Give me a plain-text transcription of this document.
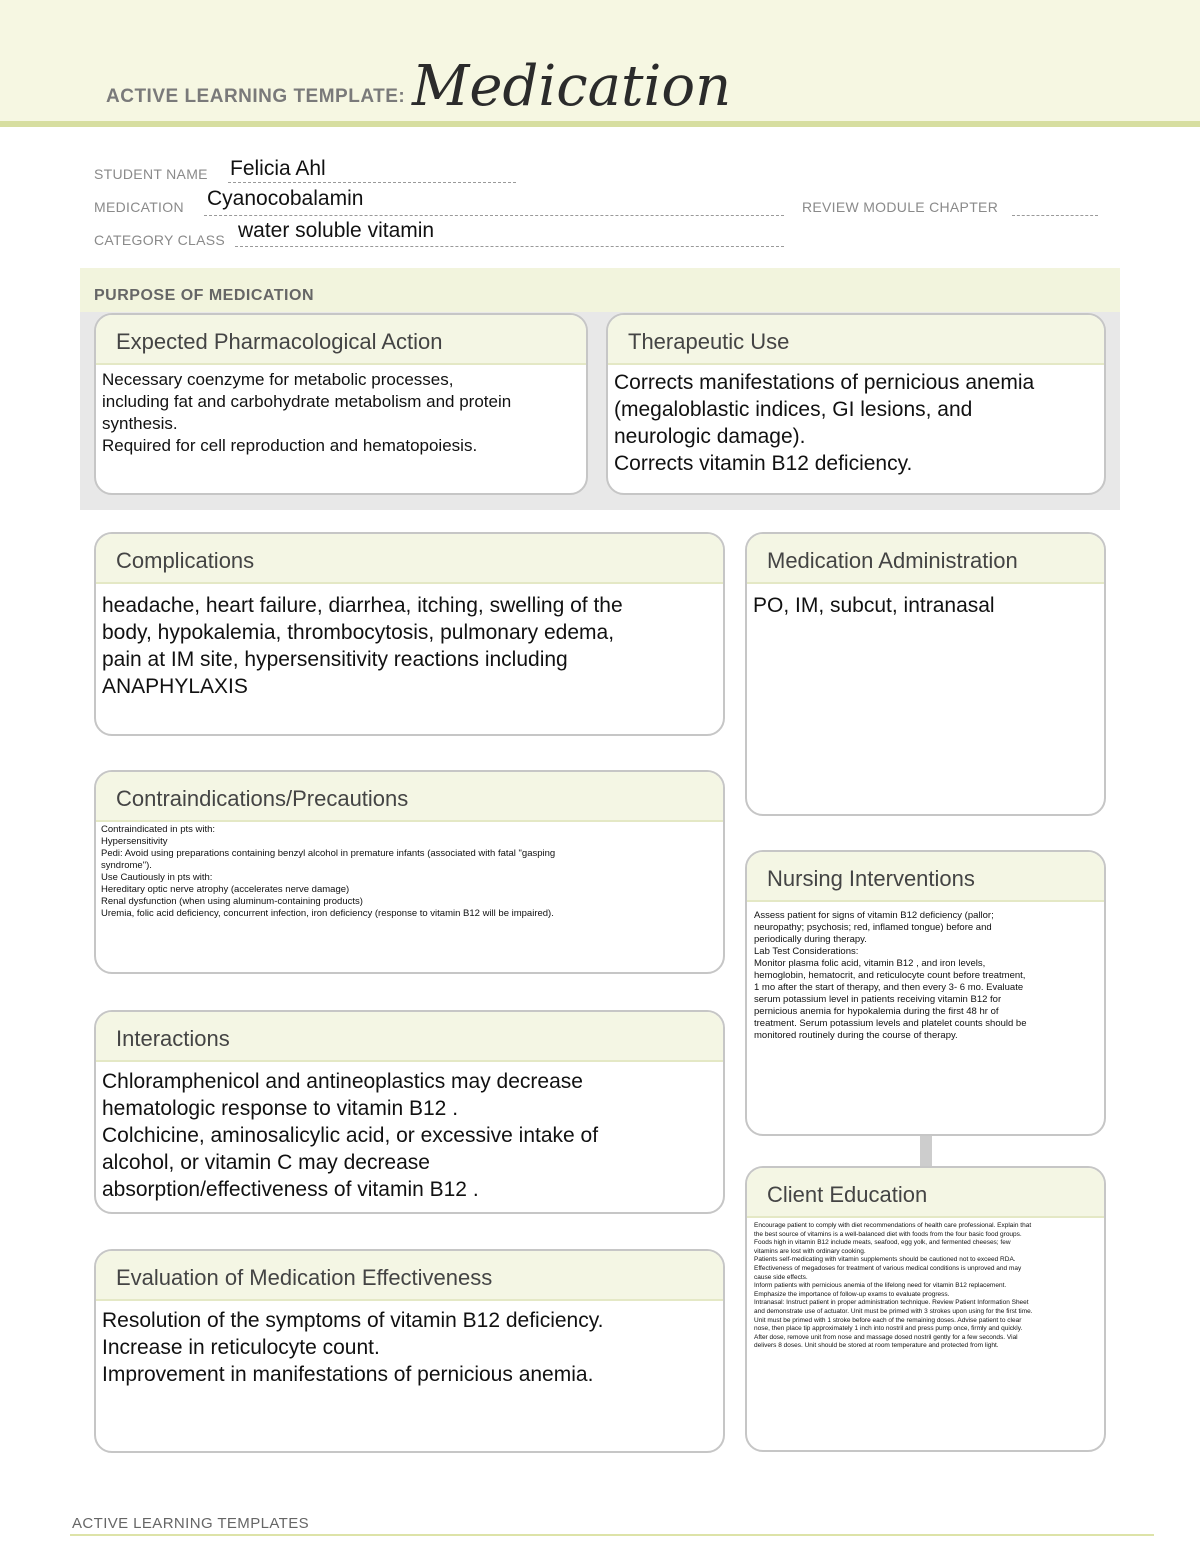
ACTIVE LEARNING TEMPLATE: Medication
STUDENT NAME Felicia Ahl
MEDICATION Cyanocobalamin	REVIEW MODULE CHAPTER
CATEGORY CLASS water soluble vitamin
PURPOSE OF MEDICATION
Expected Pharmacological Action
Necessary coenzyme for metabolic processes,
including fat and carbohydrate metabolism and protein
synthesis.
Required for cell reproduction and hematopoiesis.
Therapeutic Use
Corrects manifestations of pernicious anemia
(megaloblastic indices, GI lesions, and
neurologic damage).
Corrects vitamin B12 deficiency.
Complications
headache, heart failure, diarrhea, itching, swelling of the
body, hypokalemia, thrombocytosis, pulmonary edema,
pain at IM site, hypersensitivity reactions including
ANAPHYLAXIS
Medication Administration
PO, IM, subcut, intranasal
Contraindications/Precautions
Contraindicated in pts with:
Hypersensitivity
Pedi: Avoid using preparations containing benzyl alcohol in premature infants (associated with fatal "gasping
syndrome").
Use Cautiously in pts with:
Hereditary optic nerve atrophy (accelerates nerve damage)
Renal dysfunction (when using aluminum-containing products)
Uremia, folic acid deficiency, concurrent infection, iron deficiency (response to vitamin B12 will be impaired).
Nursing Interventions
Assess patient for signs of vitamin B12 deficiency (pallor;
neuropathy; psychosis; red, inflamed tongue) before and
periodically during therapy.
Lab Test Considerations:
Monitor plasma folic acid, vitamin B12 , and iron levels,
hemoglobin, hematocrit, and reticulocyte count before treatment,
1 mo after the start of therapy, and then every 3- 6 mo. Evaluate
serum potassium level in patients receiving vitamin B12 for
pernicious anemia for hypokalemia during the first 48 hr of
treatment. Serum potassium levels and platelet counts should be
monitored routinely during the course of therapy.
Interactions
Chloramphenicol and antineoplastics may decrease
hematologic response to vitamin B12 .
Colchicine, aminosalicylic acid, or excessive intake of
alcohol, or vitamin C may decrease
absorption/effectiveness of vitamin B12 .	Client Education
Encourage patient to comply with diet recommendations of health care professional. Explain that
the best source of vitamins is a well-balanced diet with foods from the four basic food groups.
Foods high in vitamin B12 include meats, seafood, egg yolk, and fermented cheeses; few
vitamins are lost with ordinary cooking.
Patients self-medicating with vitamin supplements should be cautioned not to exceed RDA.
Effectiveness of megadoses for treatment of various medical conditions is unproved and may
cause side effects.
Inform patients with pernicious anemia of the lifelong need for vitamin B12 replacement.
Emphasize the importance of follow-up exams to evaluate progress.
Intranasal: Instruct patient in proper administration technique. Review Patient Information Sheet
and demonstrate use of actuator. Unit must be primed with 3 strokes upon using for the first time.
Unit must be primed with 1 stroke before each of the remaining doses. Advise patient to clear
nose, then place tip approximately 1 inch into nostril and press pump once, firmly and quickly.
After dose, remove unit from nose and massage dosed nostril gently for a few seconds. Vial
delivers 8 doses. Unit should be stored at room temperature and protected from light.
Evaluation of Medication Effectiveness
Resolution of the symptoms of vitamin B12 deficiency.
Increase in reticulocyte count.
Improvement in manifestations of pernicious anemia.
ACTIVE LEARNING TEMPLATES
